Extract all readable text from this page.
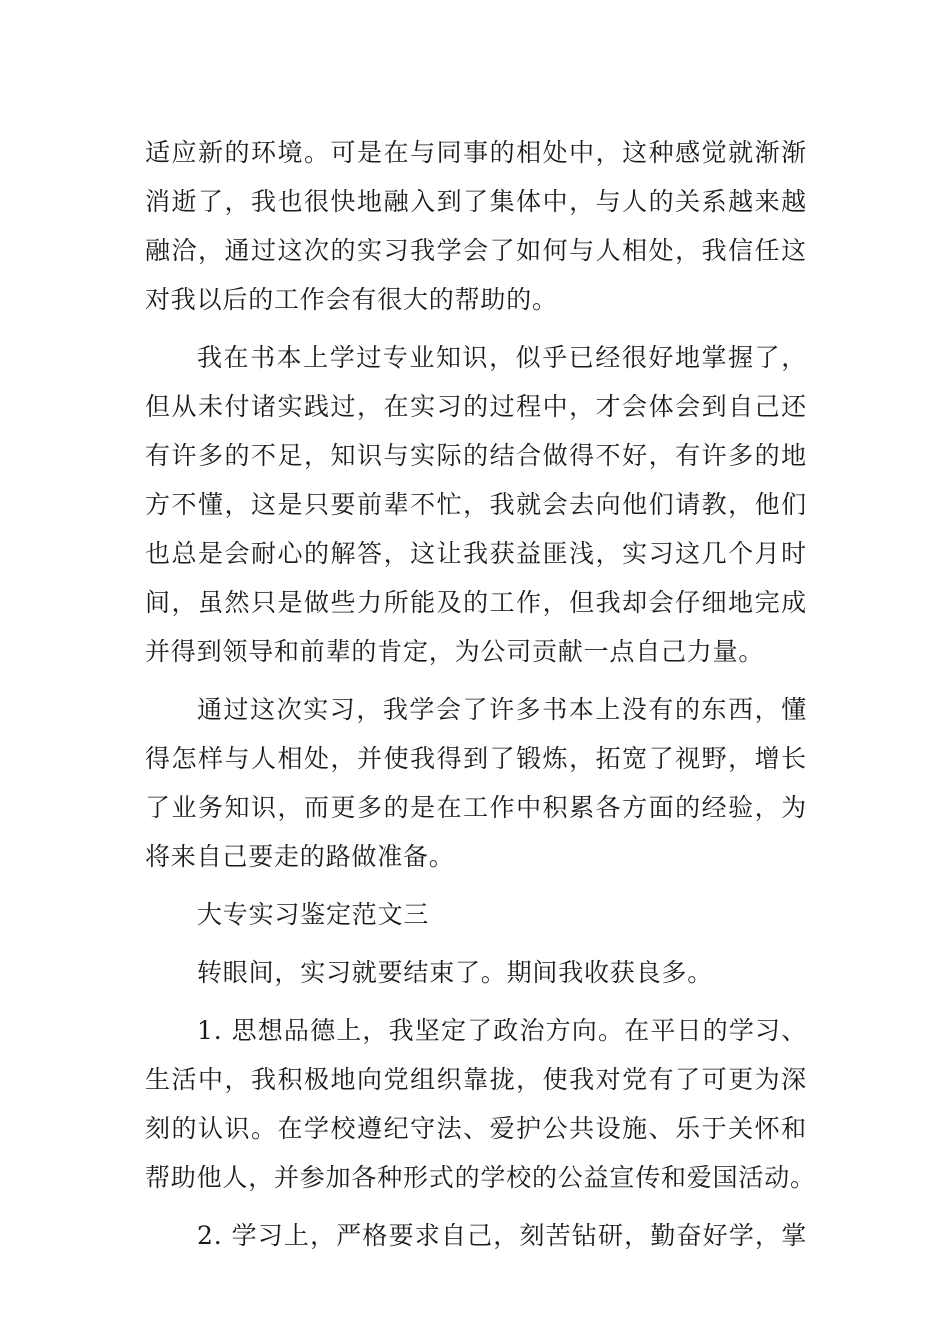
适应新的环境。可是在与同事的相处中，这种感觉就渐渐
消逝了，我也很快地融入到了集体中，与人的关系越来越
融洽，通过这次的实习我学会了如何与人相处，我信任这
对我以后的工作会有很大的帮助的。
我在书本上学过专业知识，似乎已经很好地掌握了，
但从未付诸实践过，在实习的过程中，才会体会到自己还
有许多的不足，知识与实际的结合做得不好，有许多的地
方不懂，这是只要前辈不忙，我就会去向他们请教，他们
也总是会耐心的解答，这让我获益匪浅，实习这几个月时
间，虽然只是做些力所能及的工作，但我却会仔细地完成
并得到领导和前辈的肯定，为公司贡献一点自己力量。
通过这次实习，我学会了许多书本上没有的东西，懂
得怎样与人相处，并使我得到了锻炼，拓宽了视野，增长
了业务知识，而更多的是在工作中积累各方面的经验，为
将来自己要走的路做准备。
大专实习鉴定范文三
转眼间，实习就要结束了。期间我收获良多。
1. 思想品德上，我坚定了政治方向。在平日的学习、
生活中，我积极地向党组织靠拢，使我对党有了可更为深
刻的认识。在学校遵纪守法、爱护公共设施、乐于关怀和
帮助他人，并参加各种形式的学校的公益宣传和爱国活动。
2. 学习上，严格要求自己，刻苦钻研，勤奋好学，掌
